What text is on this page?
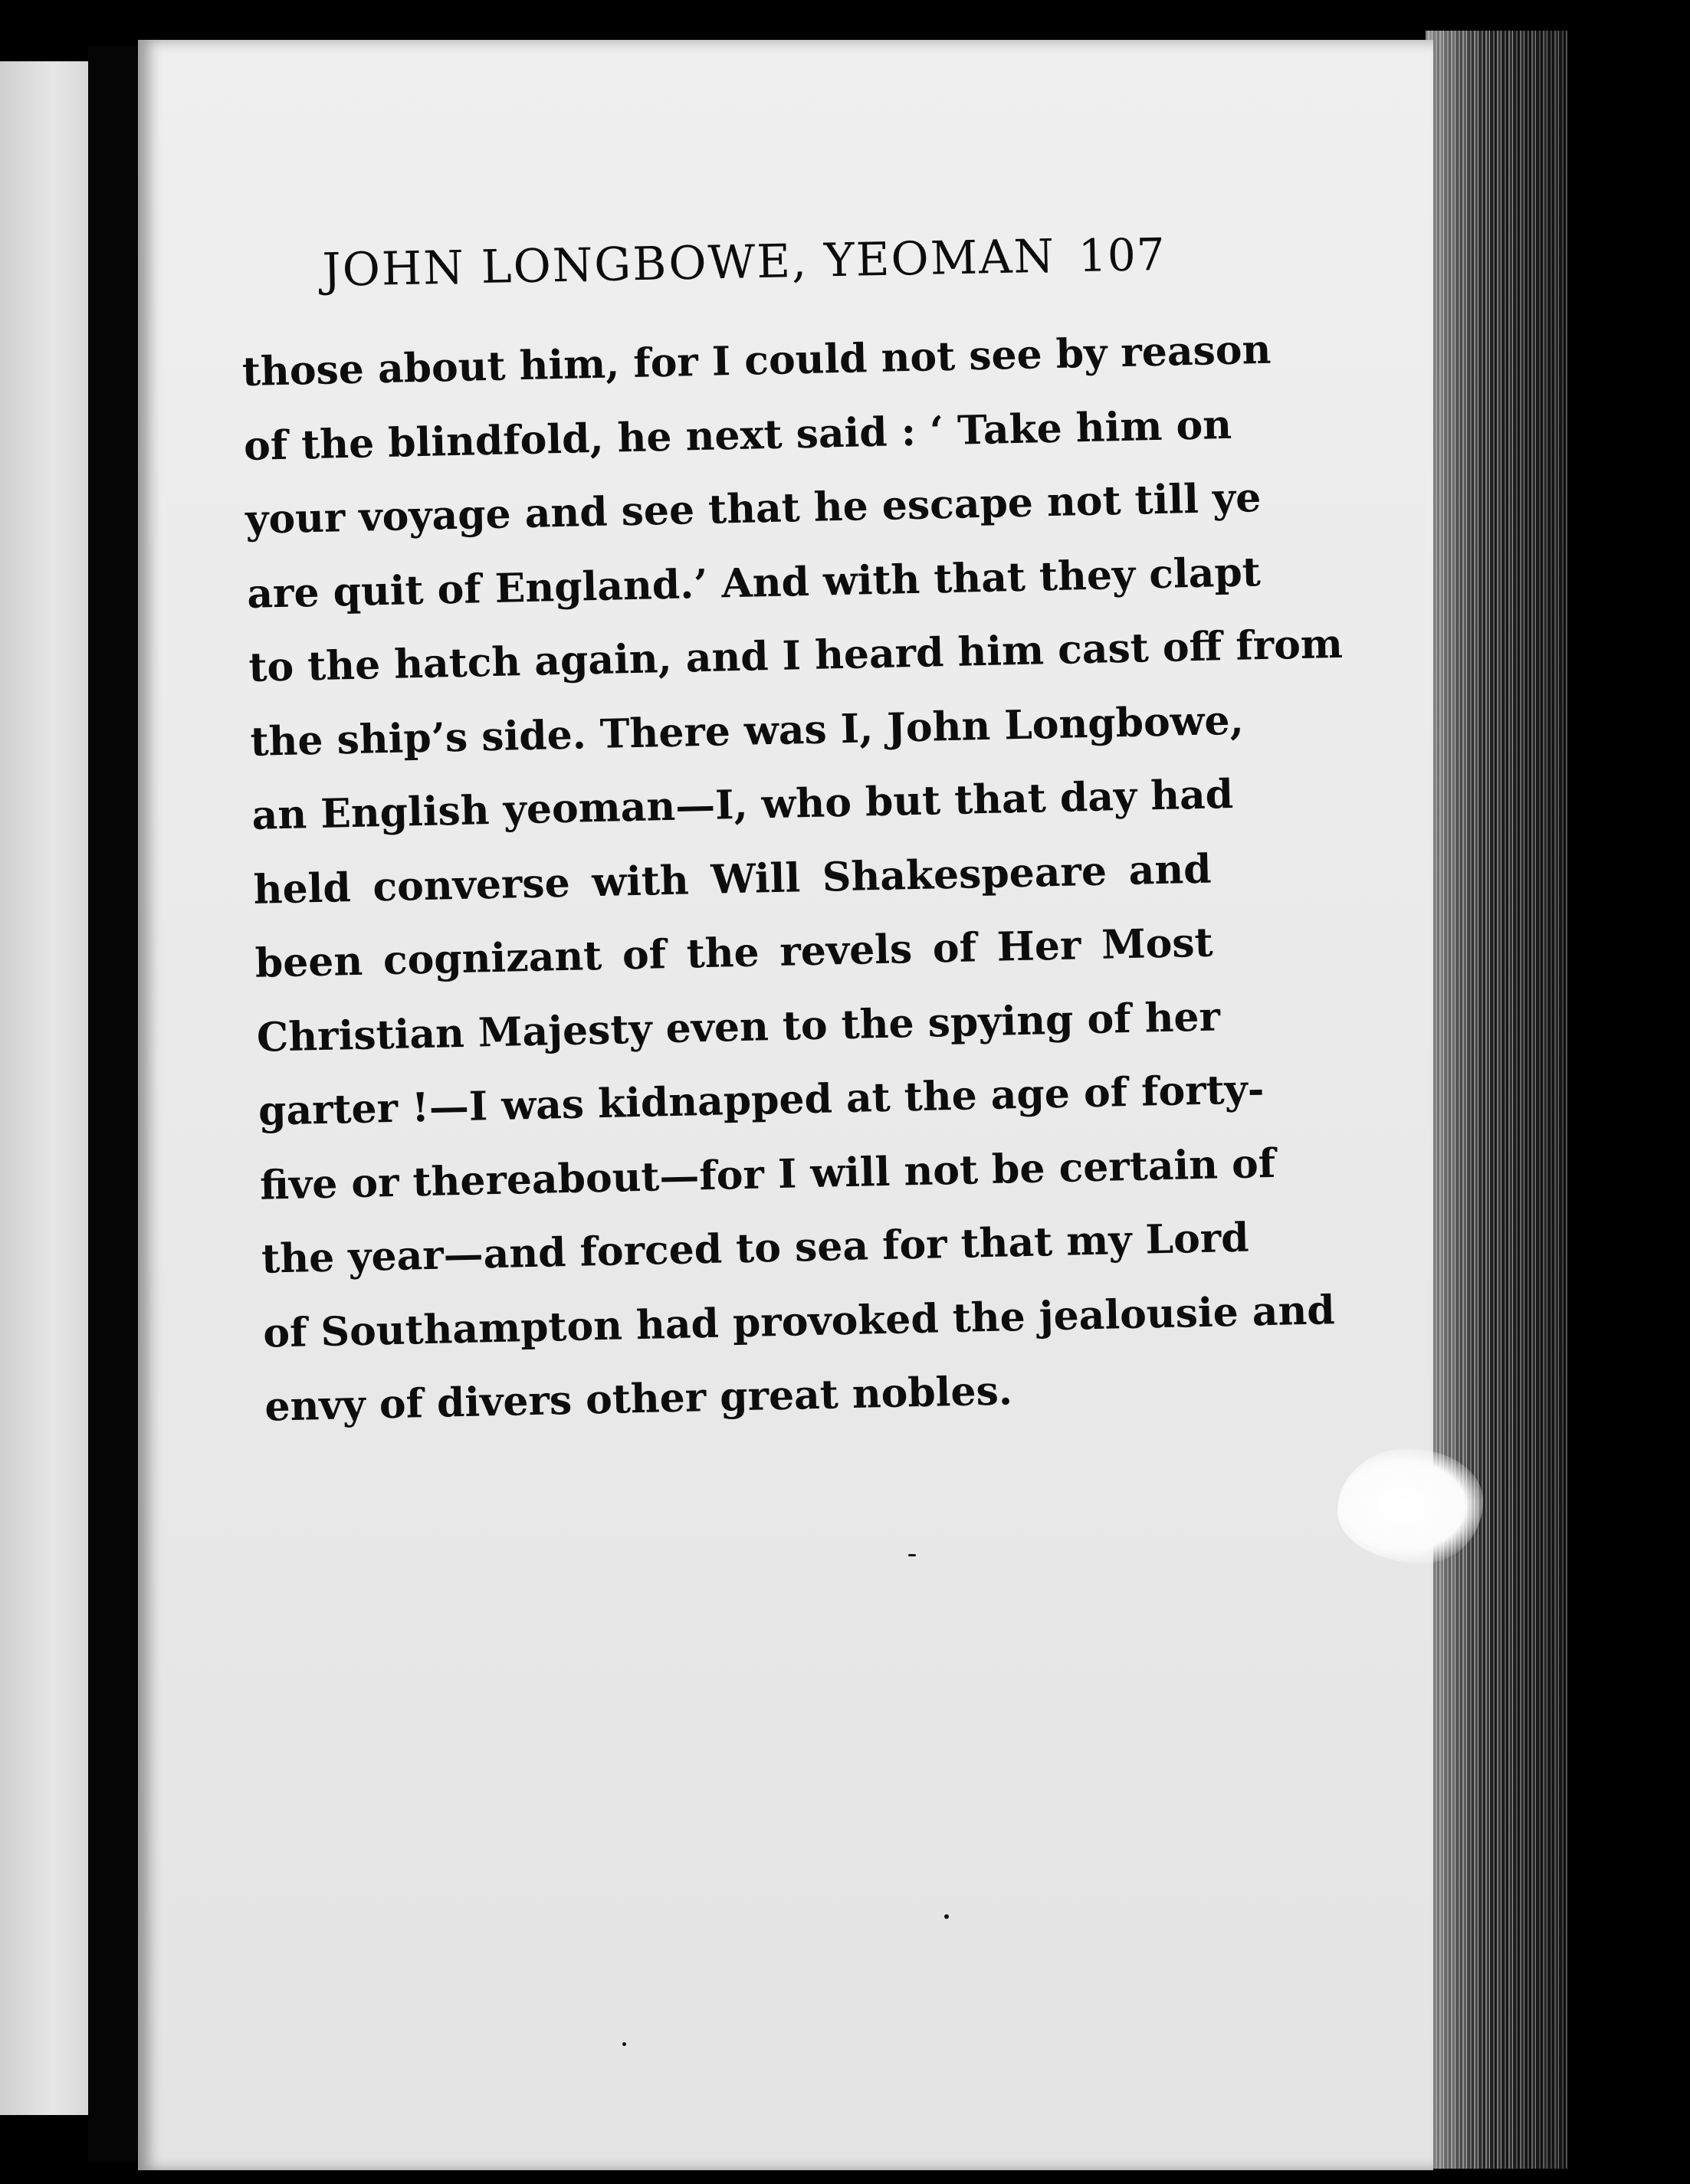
JOHN LONGBOWE, YEOMAN 107
those about him, for I could not see by reason
of the blindfold, he next said : ‘ Take him on
your voyage and see that he escape not till ye
are quit of England.’ And with that they clapt
to the hatch again, and I heard him cast off from
the ship’s side. There was I, John Longbowe,
an English yeoman—I, who but that day had
held converse with Will Shakespeare and
been cognizant of the revels of Her Most
Christian Majesty even to the spying of her
garter !—I was kidnapped at the age of forty-
five or thereabout—for I will not be certain of
the year—and forced to sea for that my Lord
of Southampton had provoked the jealousie and
envy of divers other great nobles.
